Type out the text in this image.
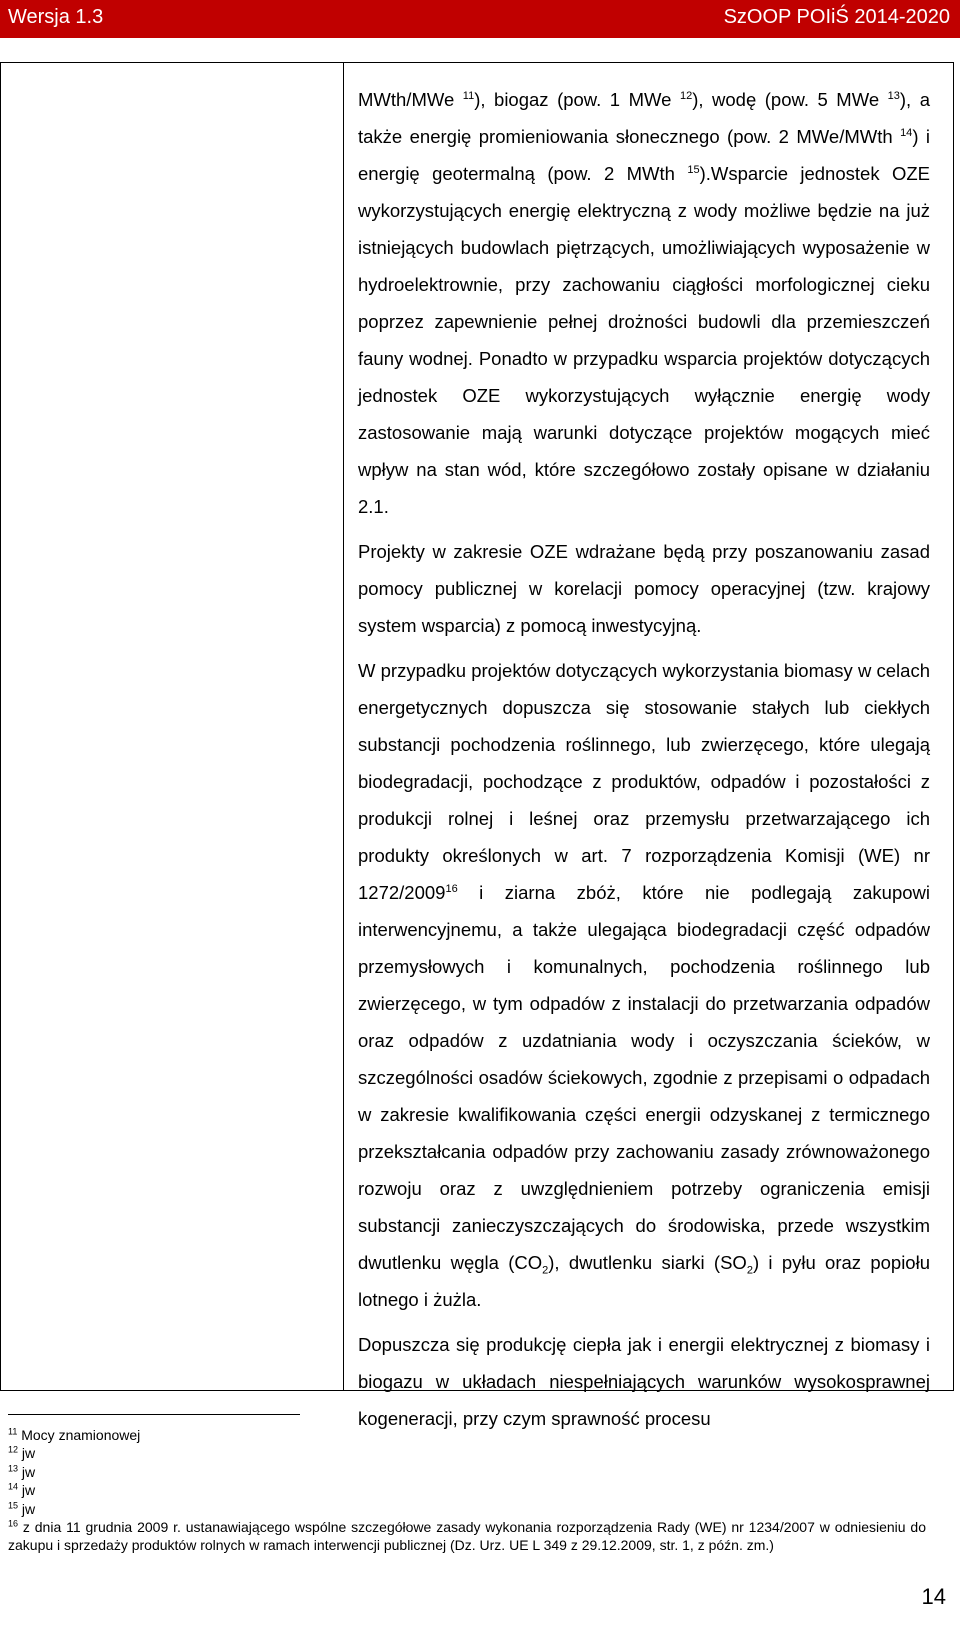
Wersja 1.3	SzOOP POIiŚ 2014-2020

MWth/MWe $^{11}$), biogaz (pow. 1 MWe $^{12}$), wodę (pow. 5 MWe $^{13}$), a także energię promieniowania słonecznego (pow. 2 MWe/MWth $^{14}$) i energię geotermalną (pow. 2 MWth $^{15}$).Wsparcie jednostek OZE wykorzystujących energię elektryczną z wody możliwe będzie na już istniejących budowlach piętrzących, umożliwiających wyposażenie w hydroelektrownie, przy zachowaniu ciągłości morfologicznej cieku poprzez zapewnienie pełnej drożności budowli dla przemieszczeń fauny wodnej. Ponadto w przypadku wsparcia projektów dotyczących jednostek OZE wykorzystujących wyłącznie energię wody zastosowanie mają warunki dotyczące projektów mogących mieć wpływ na stan wód, które szczegółowo zostały opisane w działaniu 2.1.

Projekty w zakresie OZE wdrażane będą przy poszanowaniu zasad pomocy publicznej w korelacji pomocy operacyjnej (tzw. krajowy system wsparcia) z pomocą inwestycyjną.

W przypadku projektów dotyczących wykorzystania biomasy w celach energetycznych dopuszcza się stosowanie stałych lub ciekłych substancji pochodzenia roślinnego, lub zwierzęcego, które ulegają biodegradacji, pochodzące z produktów, odpadów i pozostałości z produkcji rolnej i leśnej oraz przemysłu przetwarzającego ich produkty określonych w art. 7 rozporządzenia Komisji (WE) nr 1272/2009$^{16}$ i ziarna zbóż, które nie podlegają zakupowi interwencyjnemu, a także ulegająca biodegradacji część odpadów przemysłowych i komunalnych, pochodzenia roślinnego lub zwierzęcego, w tym odpadów z instalacji do przetwarzania odpadów oraz odpadów z uzdatniania wody i oczyszczania ścieków, w szczególności osadów ściekowych, zgodnie z przepisami o odpadach w zakresie kwalifikowania części energii odzyskanej z termicznego przekształcania odpadów przy zachowaniu zasady zrównoważonego rozwoju oraz z uwzględnieniem potrzeby ograniczenia emisji substancji zanieczyszczających do środowiska, przede wszystkim dwutlenku węgla $(CO_2)$, dwutlenku siarki $(SO_2)$ i pyłu oraz popiołu lotnego i żużla.

Dopuszcza się produkcję ciepła jak i energii elektrycznej z biomasy i biogazu w układach niespełniających warunków wysokosprawnej kogeneracji, przy czym sprawność procesu

$^{11}$ Mocy znamionowej

$^{12}$ jw

$^{13}$ jw

$^{14}$ jw

$^{15}$ jw

$^{16}$ z dnia 11 grudnia 2009 r. ustanawiającego wspólne szczegółowe zasady wykonania rozporządzenia Rady (WE) nr 1234/2007 w odniesieniu do zakupu i sprzedaży produktów rolnych w ramach interwencji publicznej (Dz. Urz. UE L 349 z 29.12.2009, str. 1, z późn. zm.)

14
